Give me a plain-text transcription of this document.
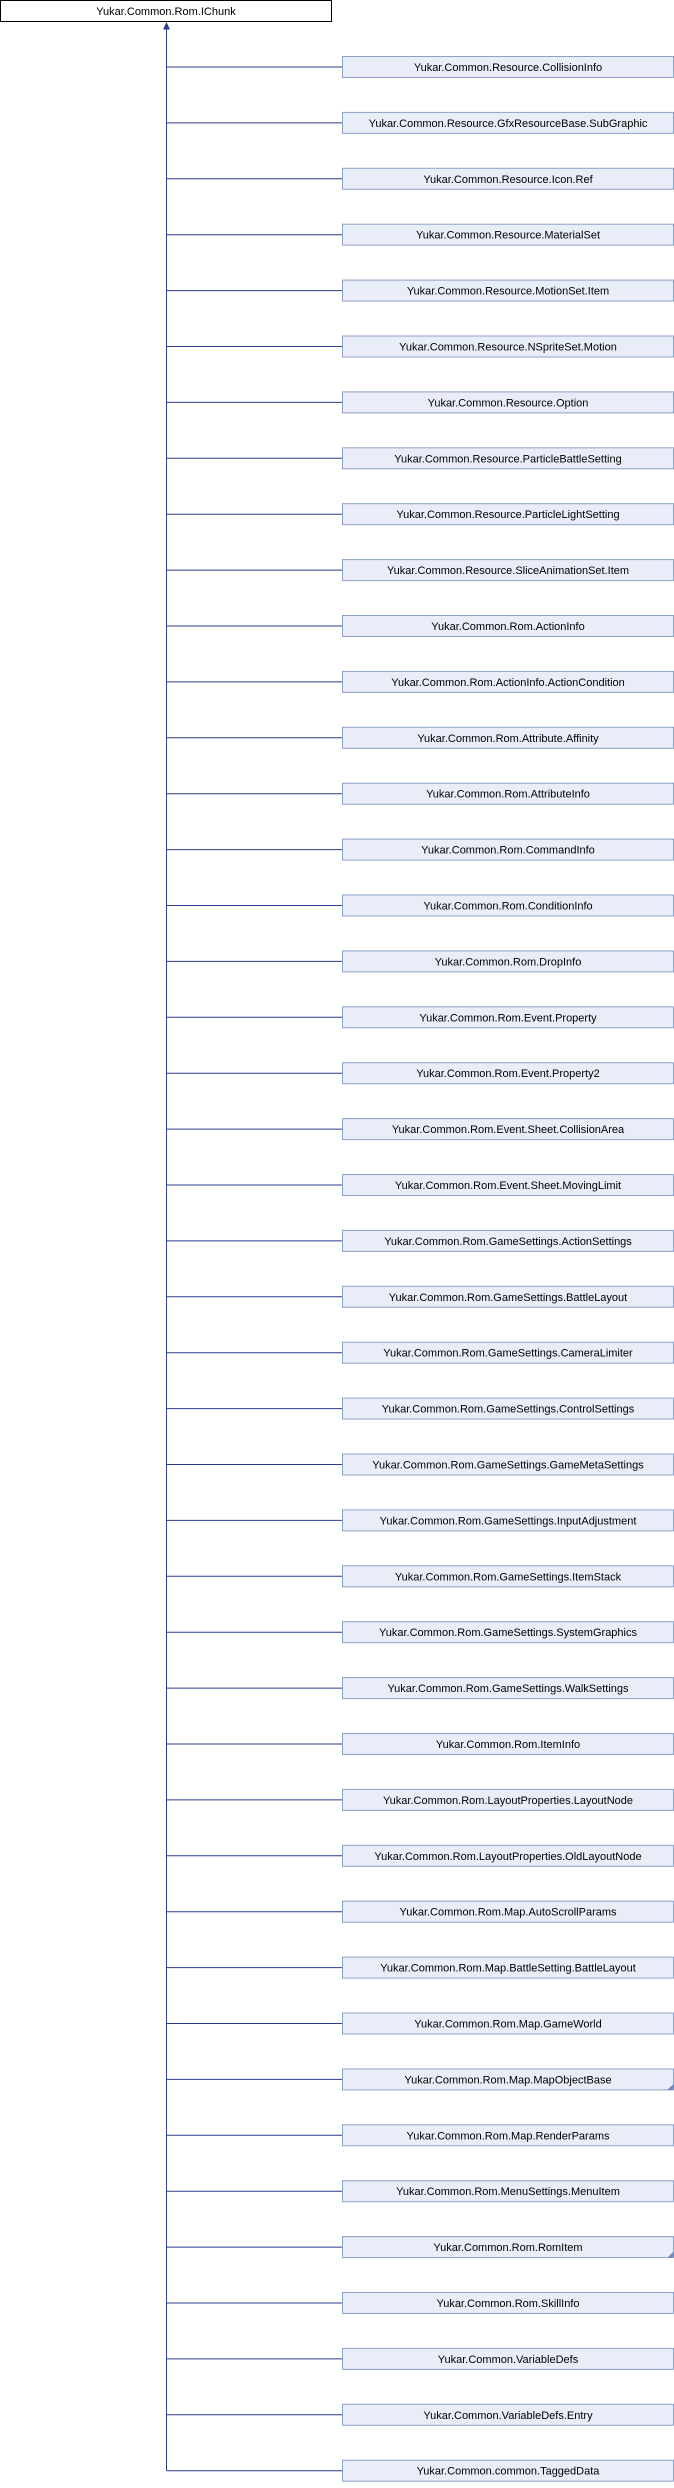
Yukar.Common.Rom.IChunk
Yukar.Common.Resource.CollisionInfo
Yukar.Common.Resource.GfxResourceBase.SubGraphic
Yukar.Common.Resource.Icon.Ref
Yukar.Common.Resource.MaterialSet
Yukar.Common.Resource.MotionSet.Item
Yukar.Common.Resource.NSpriteSet.Motion
Yukar.Common.Resource.Option
Yukar.Common.Resource.ParticleBattleSetting
Yukar.Common.Resource.ParticleLightSetting
Yukar.Common.Resource.SliceAnimationSet.Item
Yukar.Common.Rom.ActionInfo
Yukar.Common.Rom.ActionInfo.ActionCondition
Yukar.Common.Rom.Attribute.Affinity
Yukar.Common.Rom.AttributeInfo
Yukar.Common.Rom.CommandInfo
Yukar.Common.Rom.ConditionInfo
Yukar.Common.Rom.DropInfo
Yukar.Common.Rom.Event.Property
Yukar.Common.Rom.Event.Property2
Yukar.Common.Rom.Event.Sheet.CollisionArea
Yukar.Common.Rom.Event.Sheet.MovingLimit
Yukar.Common.Rom.GameSettings.ActionSettings
Yukar.Common.Rom.GameSettings.BattleLayout
Yukar.Common.Rom.GameSettings.CameraLimiter
Yukar.Common.Rom.GameSettings.ControlSettings
Yukar.Common.Rom.GameSettings.GameMetaSettings
Yukar.Common.Rom.GameSettings.InputAdjustment
Yukar.Common.Rom.GameSettings.ItemStack
Yukar.Common.Rom.GameSettings.SystemGraphics
Yukar.Common.Rom.GameSettings.WalkSettings
Yukar.Common.Rom.ItemInfo
Yukar.Common.Rom.LayoutProperties.LayoutNode
Yukar.Common.Rom.LayoutProperties.OldLayoutNode
Yukar.Common.Rom.Map.AutoScrollParams
Yukar.Common.Rom.Map.BattleSetting.BattleLayout
Yukar.Common.Rom.Map.GameWorld
Yukar.Common.Rom.Map.MapObjectBase
Yukar.Common.Rom.Map.RenderParams
Yukar.Common.Rom.MenuSettings.MenuItem
Yukar.Common.Rom.RomItem
Yukar.Common.Rom.SkillInfo
Yukar.Common.VariableDefs
Yukar.Common.VariableDefs.Entry
Yukar.Common.common.TaggedData
